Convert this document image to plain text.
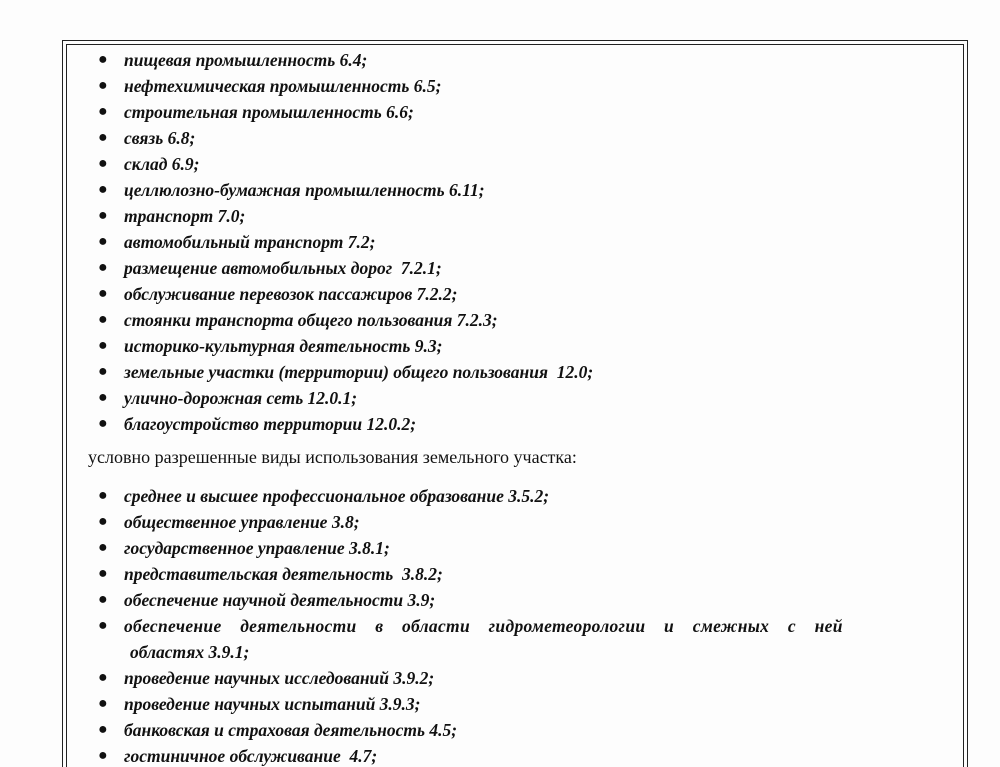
● пищевая промышленность 6.4;
● нефтехимическая промышленность 6.5;
● строительная промышленность 6.6;
● связь 6.8;
● склад 6.9;
● целлюлозно-бумажная промышленность 6.11;
● транспорт 7.0;
● автомобильный транспорт 7.2;
● размещение автомобильных дорог  7.2.1;
● обслуживание перевозок пассажиров 7.2.2;
● стоянки транспорта общего пользования 7.2.3;
● историко-культурная деятельность 9.3;
● земельные участки (территории) общего пользования  12.0;
● улично-дорожная сеть 12.0.1;
● благоустройство территории 12.0.2;
условно разрешенные виды использования земельного участка:
● среднее и высшее профессиональное образование 3.5.2;
● общественное управление 3.8;
● государственное управление 3.8.1;
● представительская деятельность  3.8.2;
● обеспечение научной деятельности 3.9;
● обеспечение деятельности в области гидрометеорологии и смежных с ней
областях 3.9.1;
● проведение научных исследований 3.9.2;
● проведение научных испытаний 3.9.3;
● банковская и страховая деятельность 4.5;
● гостиничное обслуживание  4.7;
